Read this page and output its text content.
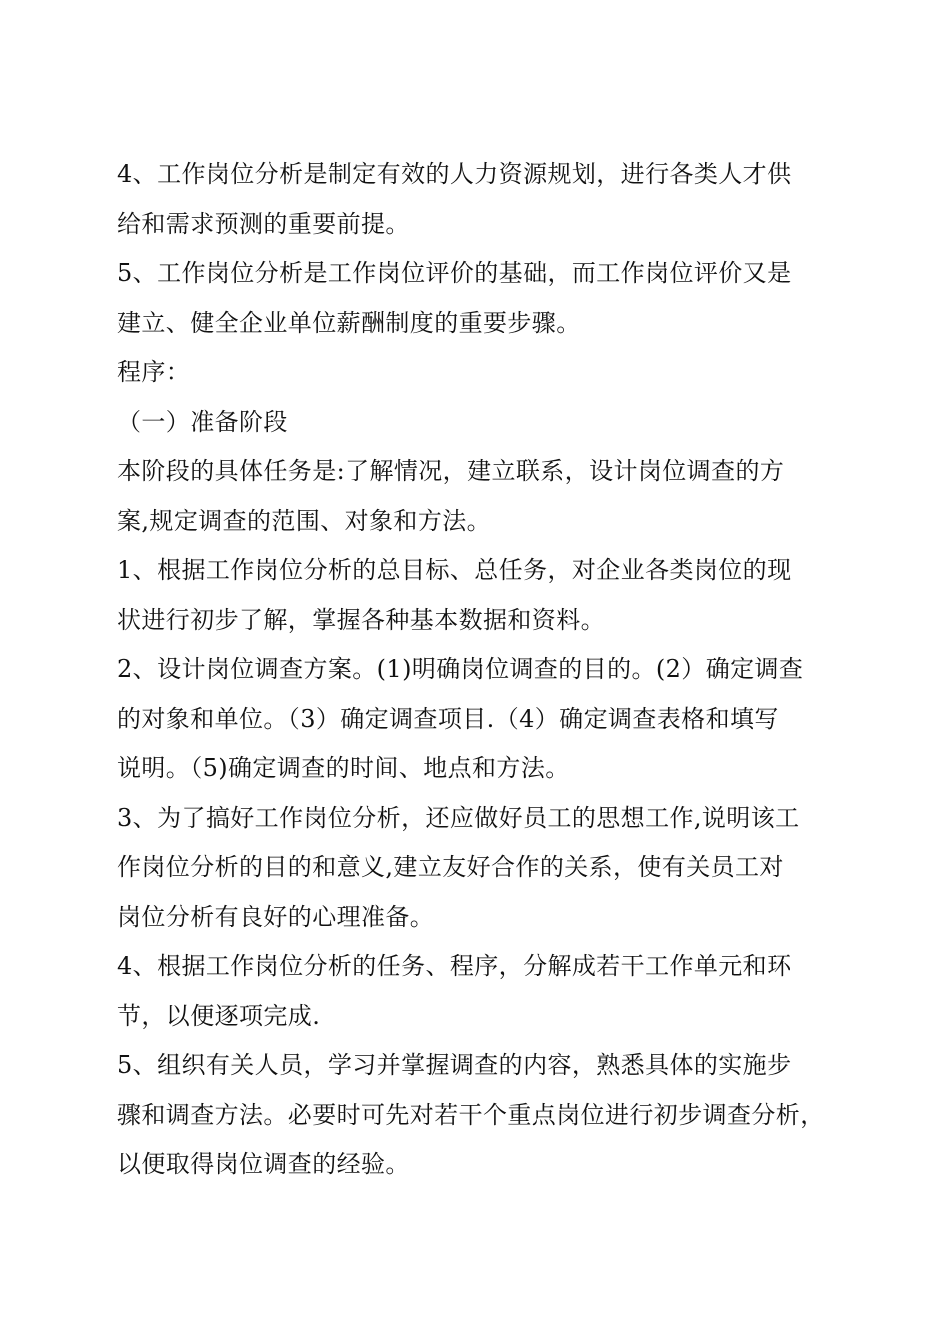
4、工作岗位分析是制定有效的人力资源规划，进行各类人才供
给和需求预测的重要前提。

5、工作岗位分析是工作岗位评价的基础，而工作岗位评价又是
建立、健全企业单位薪酬制度的重要步骤。

程序：

（一）准备阶段

本阶段的具体任务是:了解情况，建立联系，设计岗位调查的方
案,规定调查的范围、对象和方法。

1、根据工作岗位分析的总目标、总任务，对企业各类岗位的现
状进行初步了解，掌握各种基本数据和资料。

2、设计岗位调查方案。(1)明确岗位调查的目的。(2）确定调查
的对象和单位。（3）确定调查项目.（4）确定调查表格和填写
说明。（5)确定调查的时间、地点和方法。

3、为了搞好工作岗位分析，还应做好员工的思想工作,说明该工
作岗位分析的目的和意义,建立友好合作的关系，使有关员工对
岗位分析有良好的心理准备。

4、根据工作岗位分析的任务、程序，分解成若干工作单元和环
节，以便逐项完成.

5、组织有关人员，学习并掌握调查的内容，熟悉具体的实施步
骤和调查方法。必要时可先对若干个重点岗位进行初步调查分析，
以便取得岗位调查的经验。
